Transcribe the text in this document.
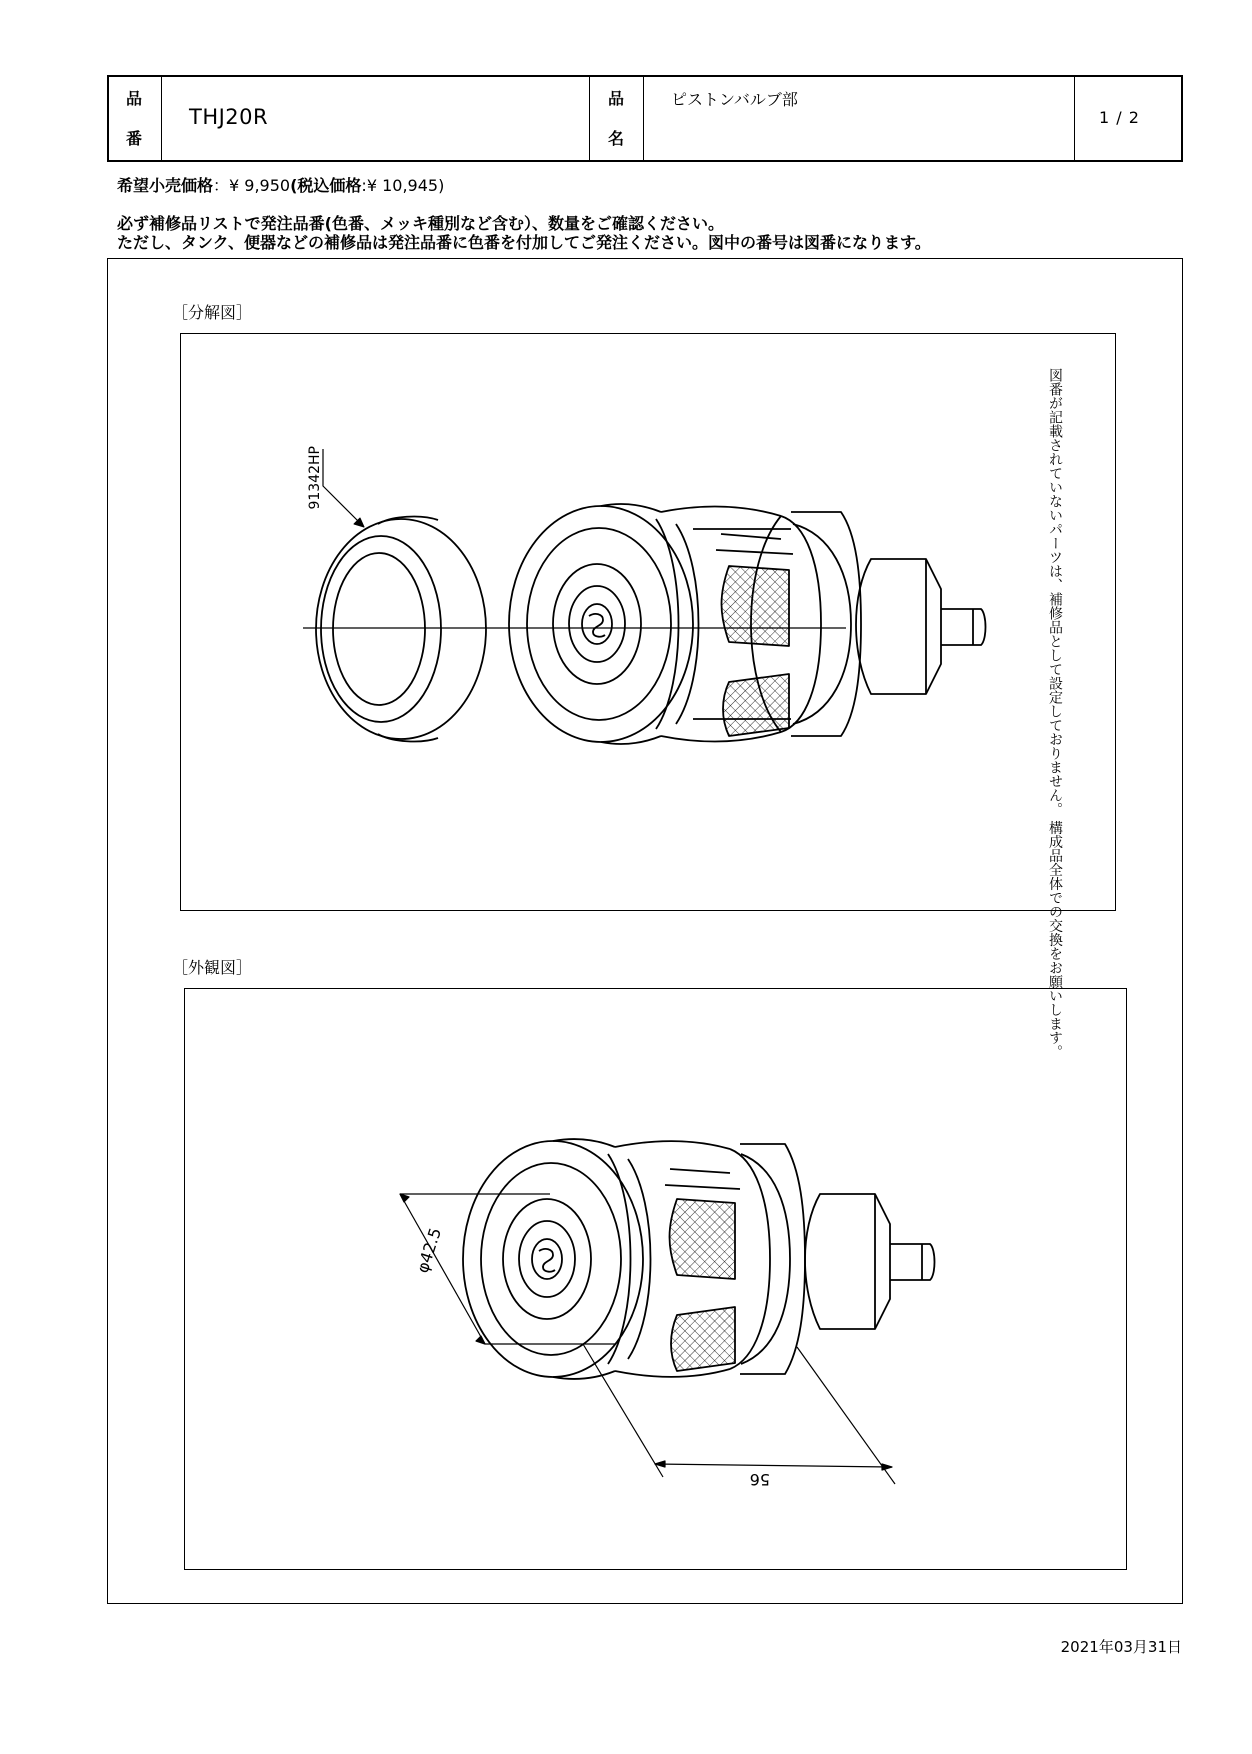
品
番
THJ20R
品
名
ピストンバルブ部
1 / 2
希望小売価格：¥ 9,950(税込価格:¥ 10,945)
必ず補修品リストで発注品番(色番、メッキ種別など含む）、数量をご確認ください。
ただし、タンク、便器などの補修品は発注品番に色番を付加してご発注ください。図中の番号は図番になります。
［分解図］
91342HP	図番が記載されていないパーツは、補修品として設定しておりません。 構成品全体での交換をお願いします。
［外観図］
φ42.5
56
2021年03月31日
